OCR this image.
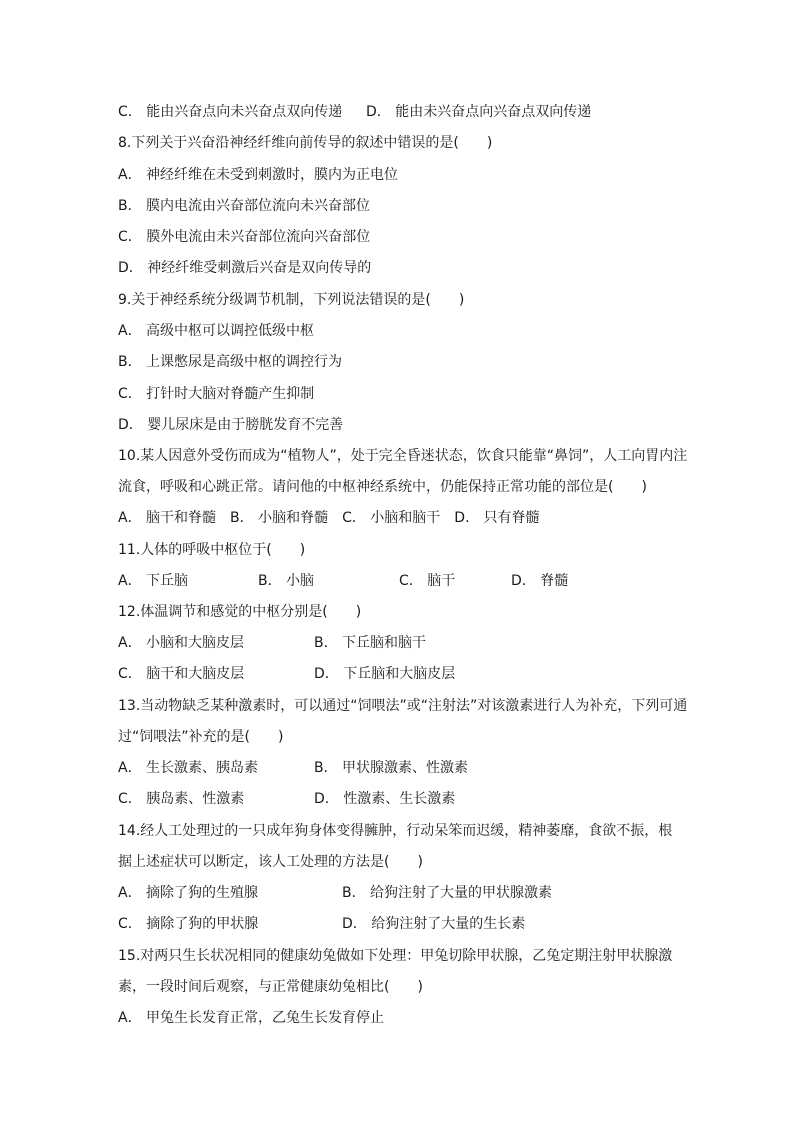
C． 能由兴奋点向未兴奋点双向传递 D． 能由未兴奋点向兴奋点双向传递
8.下列关于兴奋沿神经纤维向前传导的叙述中错误的是(　　)
A． 神经纤维在未受到刺激时，膜内为正电位
B． 膜内电流由兴奋部位流向未兴奋部位
C． 膜外电流由未兴奋部位流向兴奋部位
D． 神经纤维受刺激后兴奋是双向传导的
9.关于神经系统分级调节机制，下列说法错误的是(　　)
A． 高级中枢可以调控低级中枢
B． 上课憋尿是高级中枢的调控行为
C． 打针时大脑对脊髓产生抑制
D． 婴儿尿床是由于膀胱发育不完善
10.某人因意外受伤而成为“植物人”，处于完全昏迷状态，饮食只能靠“鼻饲”，人工向胃内注
流食，呼吸和心跳正常。请问他的中枢神经系统中，仍能保持正常功能的部位是(　　)
A． 脑干和脊髓　B． 小脑和脊髓　C． 小脑和脑干　D． 只有脊髓
11.人体的呼吸中枢位于(　　)
A． 下丘脑	B． 小脑	C． 脑干	D． 脊髓
12.体温调节和感觉的中枢分别是(　　)
A． 小脑和大脑皮层	B． 下丘脑和脑干
C． 脑干和大脑皮层	D． 下丘脑和大脑皮层
13.当动物缺乏某种激素时，可以通过“饲喂法”或“注射法”对该激素进行人为补充，下列可通
过“饲喂法”补充的是(　　)
A． 生长激素、胰岛素	B． 甲状腺激素、性激素
C． 胰岛素、性激素	D． 性激素、生长激素
14.经人工处理过的一只成年狗身体变得臃肿，行动呆笨而迟缓，精神萎靡，食欲不振，根
据上述症状可以断定，该人工处理的方法是(　　)
A． 摘除了狗的生殖腺	B． 给狗注射了大量的甲状腺激素
C． 摘除了狗的甲状腺	D． 给狗注射了大量的生长素
15.对两只生长状况相同的健康幼兔做如下处理：甲兔切除甲状腺，乙兔定期注射甲状腺激
素，一段时间后观察，与正常健康幼兔相比(　　)
A． 甲兔生长发育正常，乙兔生长发育停止
